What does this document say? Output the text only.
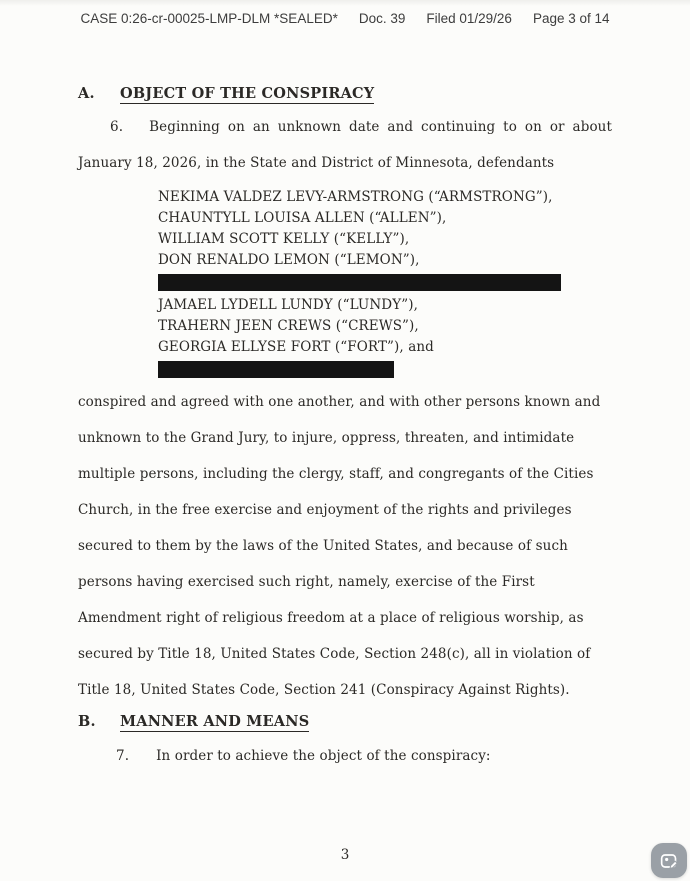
CASE 0:26-cr-00025-LMP-DLM *SEALED* Doc. 39 Filed 01/29/26 Page 3 of 14
A.	OBJECT OF THE CONSPIRACY
6. Beginning on an unknown date and continuing to on or about
January 18, 2026, in the State and District of Minnesota, defendants
NEKIMA VALDEZ LEVY-ARMSTRONG (“ARMSTRONG”),
CHAUNTYLL LOUISA ALLEN (“ALLEN”),
WILLIAM SCOTT KELLY (“KELLY”),
DON RENALDO LEMON (“LEMON”),
JAMAEL LYDELL LUNDY (“LUNDY”),
TRAHERN JEEN CREWS (“CREWS”),
GEORGIA ELLYSE FORT (“FORT”), and
conspired and agreed with one another, and with other persons known and
unknown to the Grand Jury, to injure, oppress, threaten, and intimidate
multiple persons, including the clergy, staff, and congregants of the Cities
Church, in the free exercise and enjoyment of the rights and privileges
secured to them by the laws of the United States, and because of such
persons having exercised such right, namely, exercise of the First
Amendment right of religious freedom at a place of religious worship, as
secured by Title 18, United States Code, Section 248(c), all in violation of
Title 18, United States Code, Section 241 (Conspiracy Against Rights).
B.	MANNER AND MEANS
7. In order to achieve the object of the conspiracy:
3
